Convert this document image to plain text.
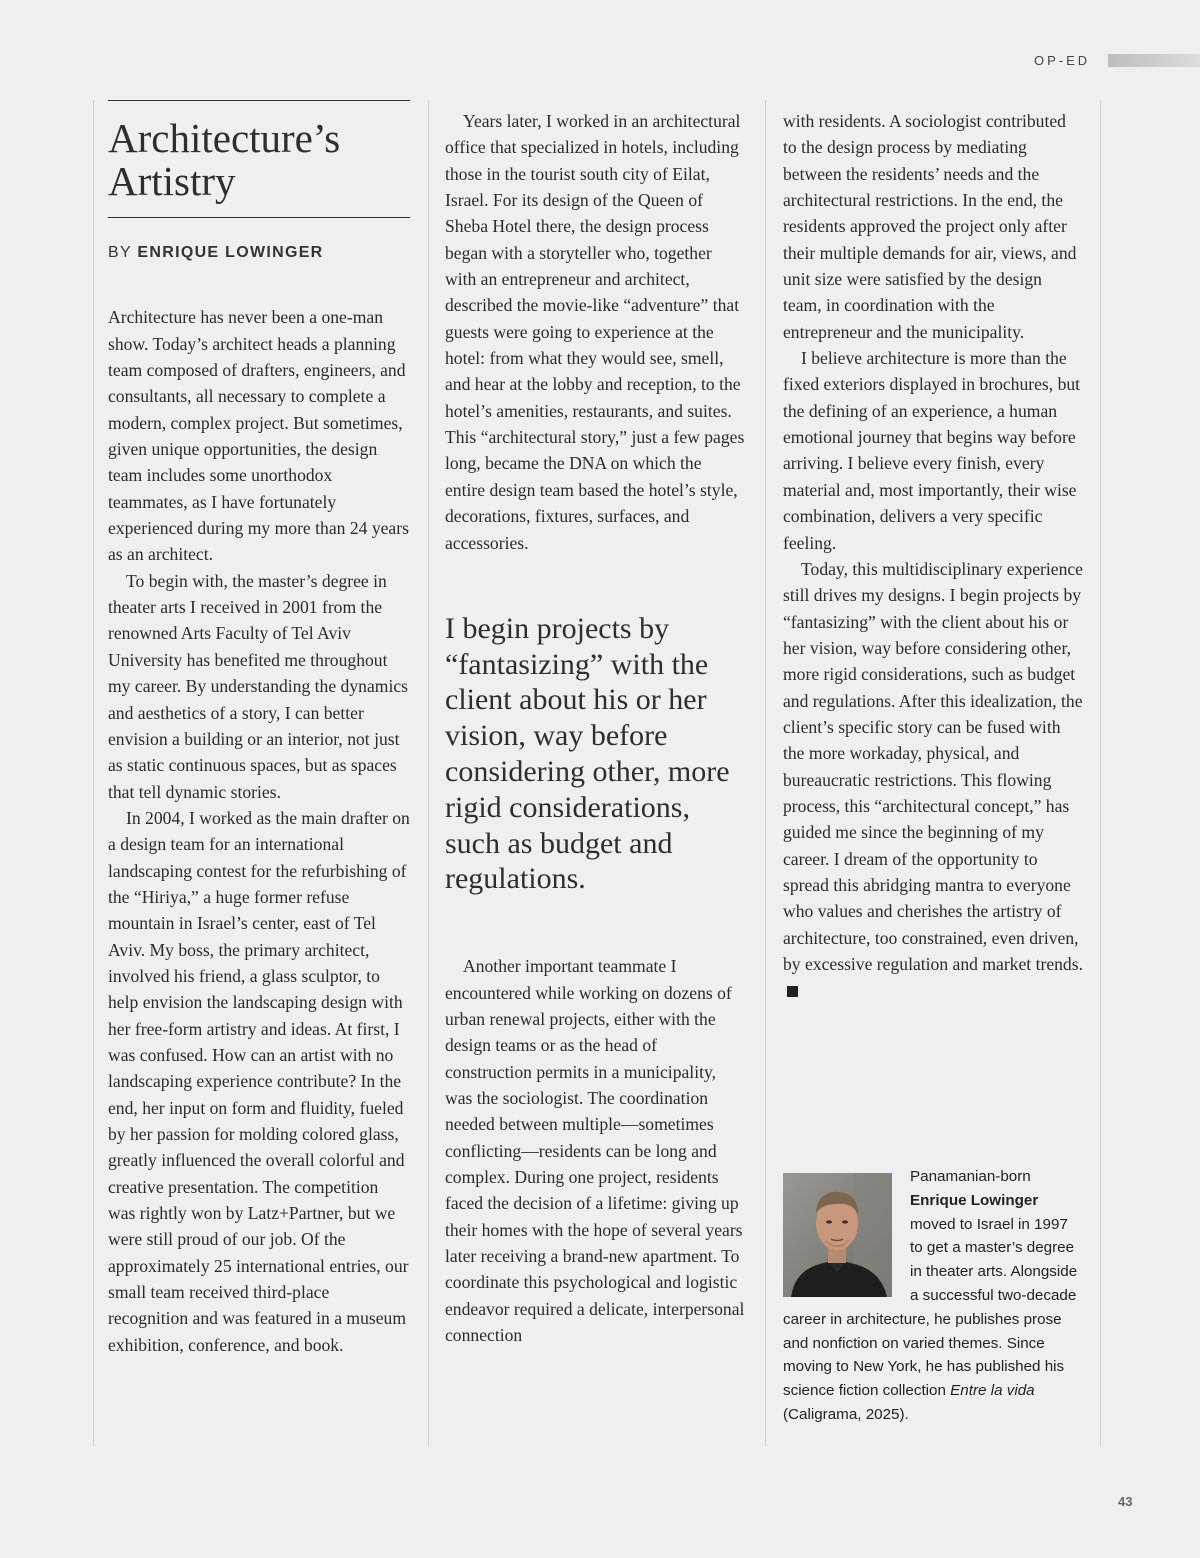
OP-ED
Architecture’s
Artistry
BY ENRIQUE LOWINGER

Architecture has never been a one-man show. Today’s architect heads a planning team composed of drafters, engineers, and consultants, all necessary to complete a modern, complex project. But sometimes, given unique opportunities, the design team includes some unorthodox teammates, as I have fortunately experienced during my more than 24 years as an architect.

To begin with, the master’s degree in theater arts I received in 2001 from the renowned Arts Faculty of Tel Aviv University has benefited me throughout my career. By understanding the dynamics and aesthetics of a story, I can better envision a building or an interior, not just as static continuous spaces, but as spaces that tell dynamic stories.

In 2004, I worked as the main drafter on a design team for an international landscaping contest for the refurbishing of the “Hiriya,” a huge former refuse mountain in Israel’s center, east of Tel Aviv. My boss, the primary architect, involved his friend, a glass sculptor, to help envision the landscaping design with her free-form artistry and ideas. At first, I was confused. How can an artist with no landscaping experience contribute? In the end, her input on form and fluidity, fueled by her passion for molding colored glass, greatly influenced the overall colorful and creative presentation. The competition was rightly won by Latz+Partner, but we were still proud of our job. Of the approximately 25 international entries, our small team received third-place recognition and was featured in a museum exhibition, conference, and book.

Years later, I worked in an architectural office that specialized in hotels, including those in the tourist south city of Eilat, Israel. For its design of the Queen of Sheba Hotel there, the design process began with a storyteller who, together with an entrepreneur and architect, described the movie-like “adventure” that guests were going to experience at the hotel: from what they would see, smell, and hear at the lobby and reception, to the hotel’s amenities, restaurants, and suites. This “architectural story,” just a few pages long, became the DNA on which the entire design team based the hotel’s style, decorations, fixtures, surfaces, and accessories.

I begin projects by “fantasizing” with the client about his or her vision, way before considering other, more rigid considerations, such as budget and regulations.

Another important teammate I encountered while working on dozens of urban renewal projects, either with the design teams or as the head of construction permits in a municipality, was the sociologist. The coordination needed between multiple—sometimes conflicting—residents can be long and complex. During one project, residents faced the decision of a lifetime: giving up their homes with the hope of several years later receiving a brand-new apartment. To coordinate this psychological and logistic endeavor required a delicate, interpersonal connection

with residents. A sociologist contributed to the design process by mediating between the residents’ needs and the architectural restrictions. In the end, the residents approved the project only after their multiple demands for air, views, and unit size were satisfied by the design team, in coordination with the entrepreneur and the municipality.

I believe architecture is more than the fixed exteriors displayed in brochures, but the defining of an experience, a human emotional journey that begins way before arriving. I believe every finish, every material and, most importantly, their wise combination, delivers a very specific feeling.

Today, this multidisciplinary experience still drives my designs. I begin projects by “fantasizing” with the client about his or her vision, way before considering other, more rigid considerations, such as budget and regulations. After this idealization, the client’s specific story can be fused with the more workaday, physical, and bureaucratic restrictions. This flowing process, this “architectural concept,” has guided me since the beginning of my career. I dream of the opportunity to spread this abridging mantra to everyone who values and cherishes the artistry of architecture, too constrained, even driven, by excessive regulation and market trends.

Panamanian-born
Enrique Lowinger moved to Israel in 1997 to get a master’s degree in theater arts. Alongside a successful two-decade career in architecture, he publishes prose and nonfiction on varied themes. Since moving to New York, he has published his science fiction collection Entre la vida (Caligrama, 2025).
43
